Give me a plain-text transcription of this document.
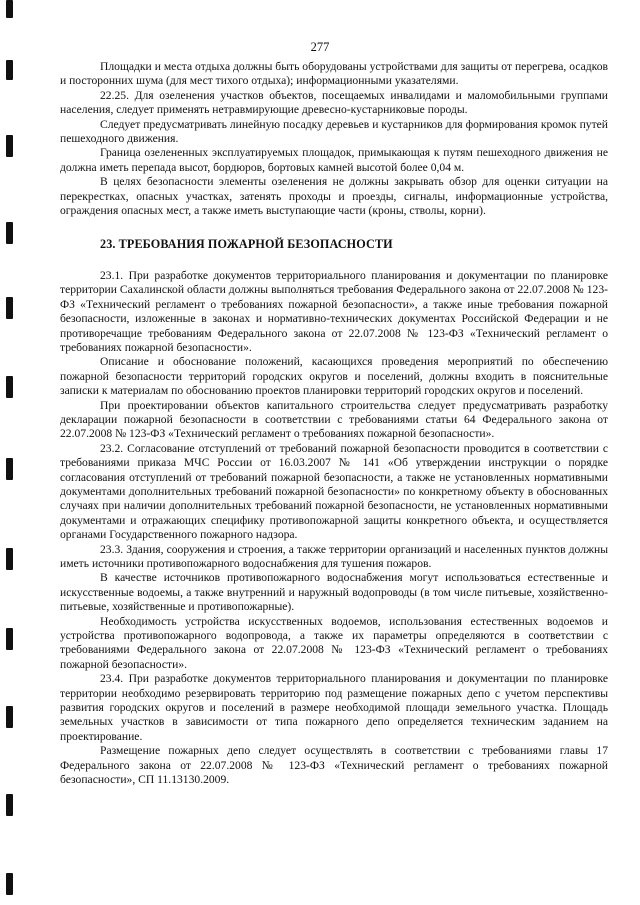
277

Площадки и места отдыха должны быть оборудованы устройствами для защиты от перегрева, осадков и посторонних шума (для мест тихого отдыха); информационными указателями.

22.25. Для озеленения участков объектов, посещаемых инвалидами и маломобильными группами населения, следует применять нетравмирующие древесно-кустарниковые породы.

Следует предусматривать линейную посадку деревьев и кустарников для формирования кромок путей пешеходного движения.

Граница озелененных эксплуатируемых площадок, примыкающая к путям пешеходного движения не должна иметь перепада высот, бордюров, бортовых камней высотой более 0,04 м.

В целях безопасности элементы озеленения не должны закрывать обзор для оценки ситуации на перекрестках, опасных участках, затенять проходы и проезды, сигналы, информационные устройства, ограждения опасных мест, а также иметь выступающие части (кроны, стволы, корни).

23. ТРЕБОВАНИЯ ПОЖАРНОЙ БЕЗОПАСНОСТИ

23.1. При разработке документов территориального планирования и документации по планировке территории Сахалинской области должны выполняться требования Федерального закона от 22.07.2008 № 123-ФЗ «Технический регламент о требованиях пожарной безопасности», а также иные требования пожарной безопасности, изложенные в законах и нормативно-технических документах Российской Федерации и не противоречащие требованиям Федерального закона от 22.07.2008 № 123-ФЗ «Технический регламент о требованиях пожарной безопасности».

Описание и обоснование положений, касающихся проведения мероприятий по обеспечению пожарной безопасности территорий городских округов и поселений, должны входить в пояснительные записки к материалам по обоснованию проектов планировки территорий городских округов и поселений.

При проектировании объектов капитального строительства следует предусматривать разработку декларации пожарной безопасности в соответствии с требованиями статьи 64 Федерального закона от 22.07.2008 № 123-ФЗ «Технический регламент о требованиях пожарной безопасности».

23.2. Согласование отступлений от требований пожарной безопасности проводится в соответствии с требованиями приказа МЧС России от 16.03.2007 № 141 «Об утверждении инструкции о порядке согласования отступлений от требований пожарной безопасности, а также не установленных нормативными документами дополнительных требований пожарной безопасности» по конкретному объекту в обоснованных случаях при наличии дополнительных требований пожарной безопасности, не установленных нормативными документами и отражающих специфику противопожарной защиты конкретного объекта, и осуществляется органами Государственного пожарного надзора.

23.3. Здания, сооружения и строения, а также территории организаций и населенных пунктов должны иметь источники противопожарного водоснабжения для тушения пожаров.

В качестве источников противопожарного водоснабжения могут использоваться естественные и искусственные водоемы, а также внутренний и наружный водопроводы (в том числе питьевые, хозяйственно-питьевые, хозяйственные и противопожарные).

Необходимость устройства искусственных водоемов, использования естественных водоемов и устройства противопожарного водопровода, а также их параметры определяются в соответствии с требованиями Федерального закона от 22.07.2008 № 123-ФЗ «Технический регламент о требованиях пожарной безопасности».

23.4. При разработке документов территориального планирования и документации по планировке территории необходимо резервировать территорию под размещение пожарных депо с учетом перспективы развития городских округов и поселений в размере необходимой площади земельного участка. Площадь земельных участков в зависимости от типа пожарного депо определяется техническим заданием на проектирование.

Размещение пожарных депо следует осуществлять в соответствии с требованиями главы 17 Федерального закона от 22.07.2008 № 123-ФЗ «Технический регламент о требованиях пожарной безопасности», СП 11.13130.2009.
